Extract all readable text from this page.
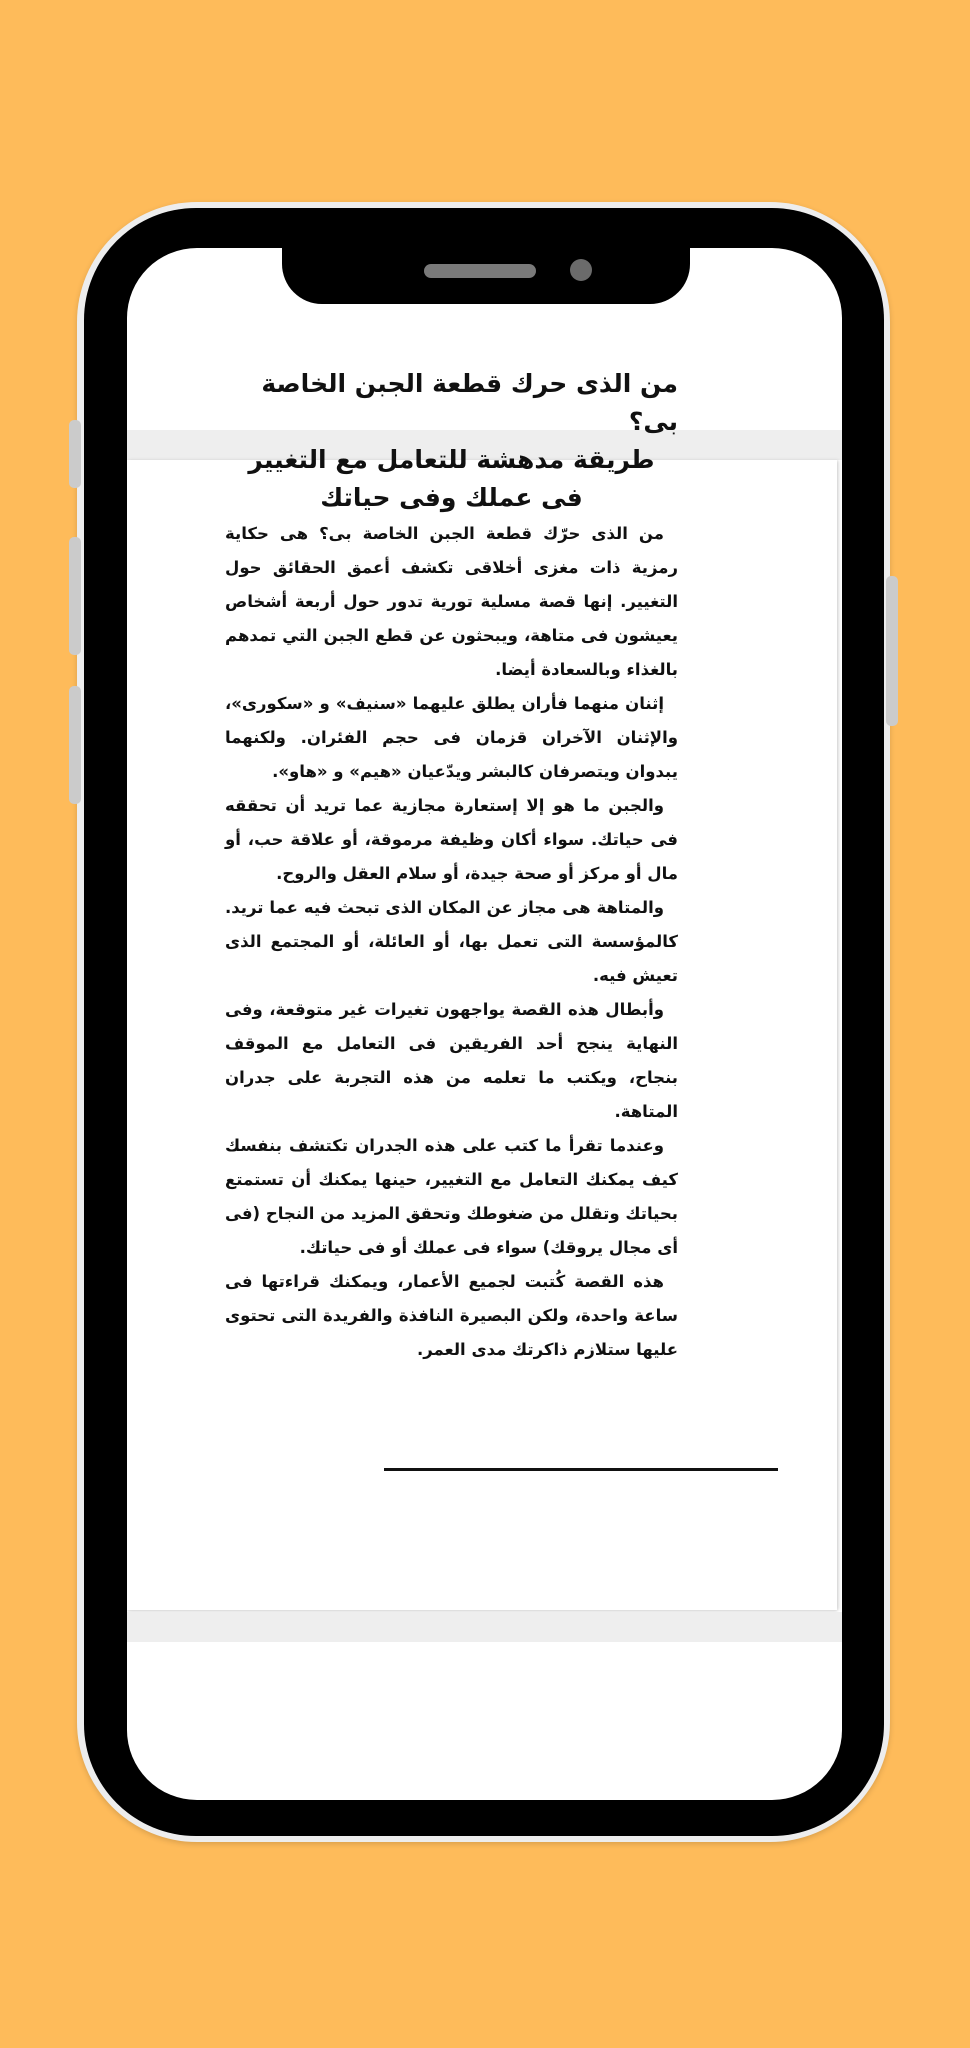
من الذى حرك قطعة الجبن الخاصة بى؟

طريقة مدهشة للتعامل مع التغيير

فى عملك وفى حياتك

من الذى حرّك قطعة الجبن الخاصة بى؟ هى حكاية رمزية ذات مغزى أخلاقى تكشف أعمق الحقائق حول التغيير. إنها قصة مسلية تورية تدور حول أربعة أشخاص يعيشون فى متاهة، ويبحثون عن قطع الجبن التي تمدهم بالغذاء وبالسعادة أيضا.

إثنان منهما فأران يطلق عليهما «سنيف» و «سكورى»، والإثنان الآخران قزمان فى حجم الفئران. ولكنهما يبدوان ويتصرفان كالبشر ويدّعيان «هيم» و «هاو».

والجبن ما هو إلا إستعارة مجازية عما تريد أن تحققه فى حياتك. سواء أكان وظيفة مرموقة، أو علاقة حب، أو مال أو مركز أو صحة جيدة، أو سلام العقل والروح.

والمتاهة هى مجاز عن المكان الذى تبحث فيه عما تريد. كالمؤسسة التى تعمل بها، أو العائلة، أو المجتمع الذى تعيش فيه.

وأبطال هذه القصة يواجهون تغيرات غير متوقعة، وفى النهاية ينجح أحد الفريقين فى التعامل مع الموقف بنجاح، ويكتب ما تعلمه من هذه التجربة على جدران المتاهة.

وعندما تقرأ ما كتب على هذه الجدران تكتشف بنفسك كيف يمكنك التعامل مع التغيير، حينها يمكنك أن تستمتع بحياتك وتقلل من ضغوطك وتحقق المزيد من النجاح (فى أى مجال يروقك) سواء فى عملك أو فى حياتك.

هذه القصة كُتبت لجميع الأعمار، ويمكنك قراءتها فى ساعة واحدة، ولكن البصيرة النافذة والفريدة التى تحتوى عليها ستلازم ذاكرتك مدى العمر.
